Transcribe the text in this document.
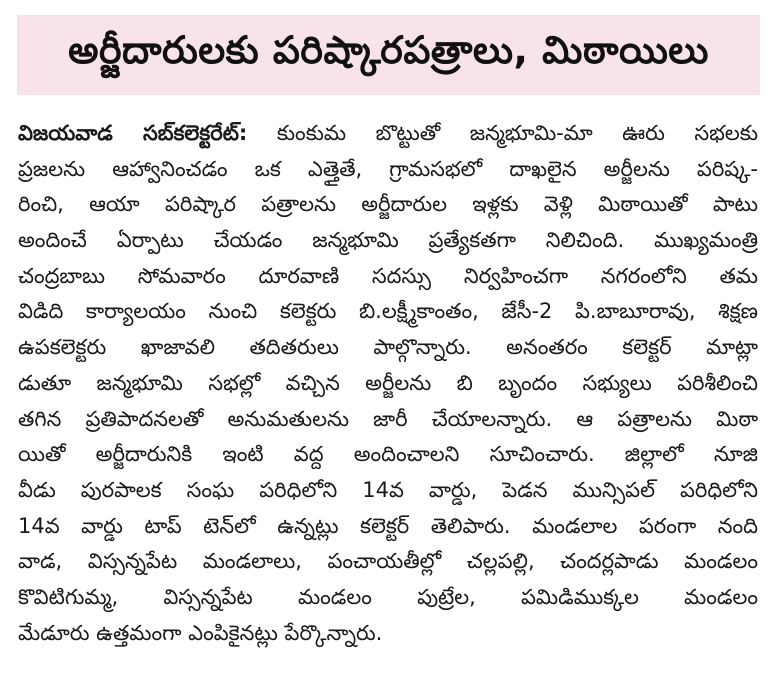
అర్జీదారులకు పరిష్కారపత్రాలు, మిఠాయిలు
విజయవాడ సబ్‌కలెక్టరేట్: కుంకుమ బొట్టుతో జన్మభూమి-మా ఊరు సభలకు
ప్రజలను ఆహ్వానించడం ఒక ఎత్తైతే, గ్రామసభలో దాఖలైన అర్జీలను పరిష్క-
రించి, ఆయా పరిష్కార పత్రాలను అర్జీదారుల ఇళ్లకు వెళ్లి మిఠాయితో పాటు
అందించే ఏర్పాటు చేయడం జన్మభూమి ప్రత్యేకతగా నిలిచింది. ముఖ్యమంత్రి
చంద్రబాబు సోమవారం దూరవాణి సదస్సు నిర్వహించగా నగరంలోని తమ
విడిది కార్యాలయం నుంచి కలెక్టరు బి.లక్ష్మీకాంతం, జేసీ-2 పి.బాబూరావు, శిక్షణ
ఉపకలెక్టరు ఖాజావలి తదితరులు పాల్గొన్నారు. అనంతరం కలెక్టర్ మాట్లా
డుతూ జన్మభూమి సభల్లో వచ్చిన అర్జీలను బి బృందం సభ్యులు పరిశీలించి
తగిన ప్రతిపాదనలతో అనుమతులను జారీ చేయాలన్నారు. ఆ పత్రాలను మిఠా
యితో అర్జీదారునికి ఇంటి వద్ద అందించాలని సూచించారు. జిల్లాలో నూజి
వీడు పురపాలక సంఘ పరిధిలోని 14వ వార్డు, పెడన మున్సిపల్ పరిధిలోని
14వ వార్డు టాప్ టెన్‌లో ఉన్నట్లు కలెక్టర్ తెలిపారు. మండలాల పరంగా నంది
వాడ, విస్సన్నపేట మండలాలు, పంచాయతీల్లో చల్లపల్లి, చందర్లపాడు మండలం
కొవిటిగుమ్మ, విస్సన్నపేట మండలం పుట్రేల, పమిడిముక్కల మండలం
మేడూరు ఉత్తమంగా ఎంపికైనట్లు పేర్కొన్నారు.
